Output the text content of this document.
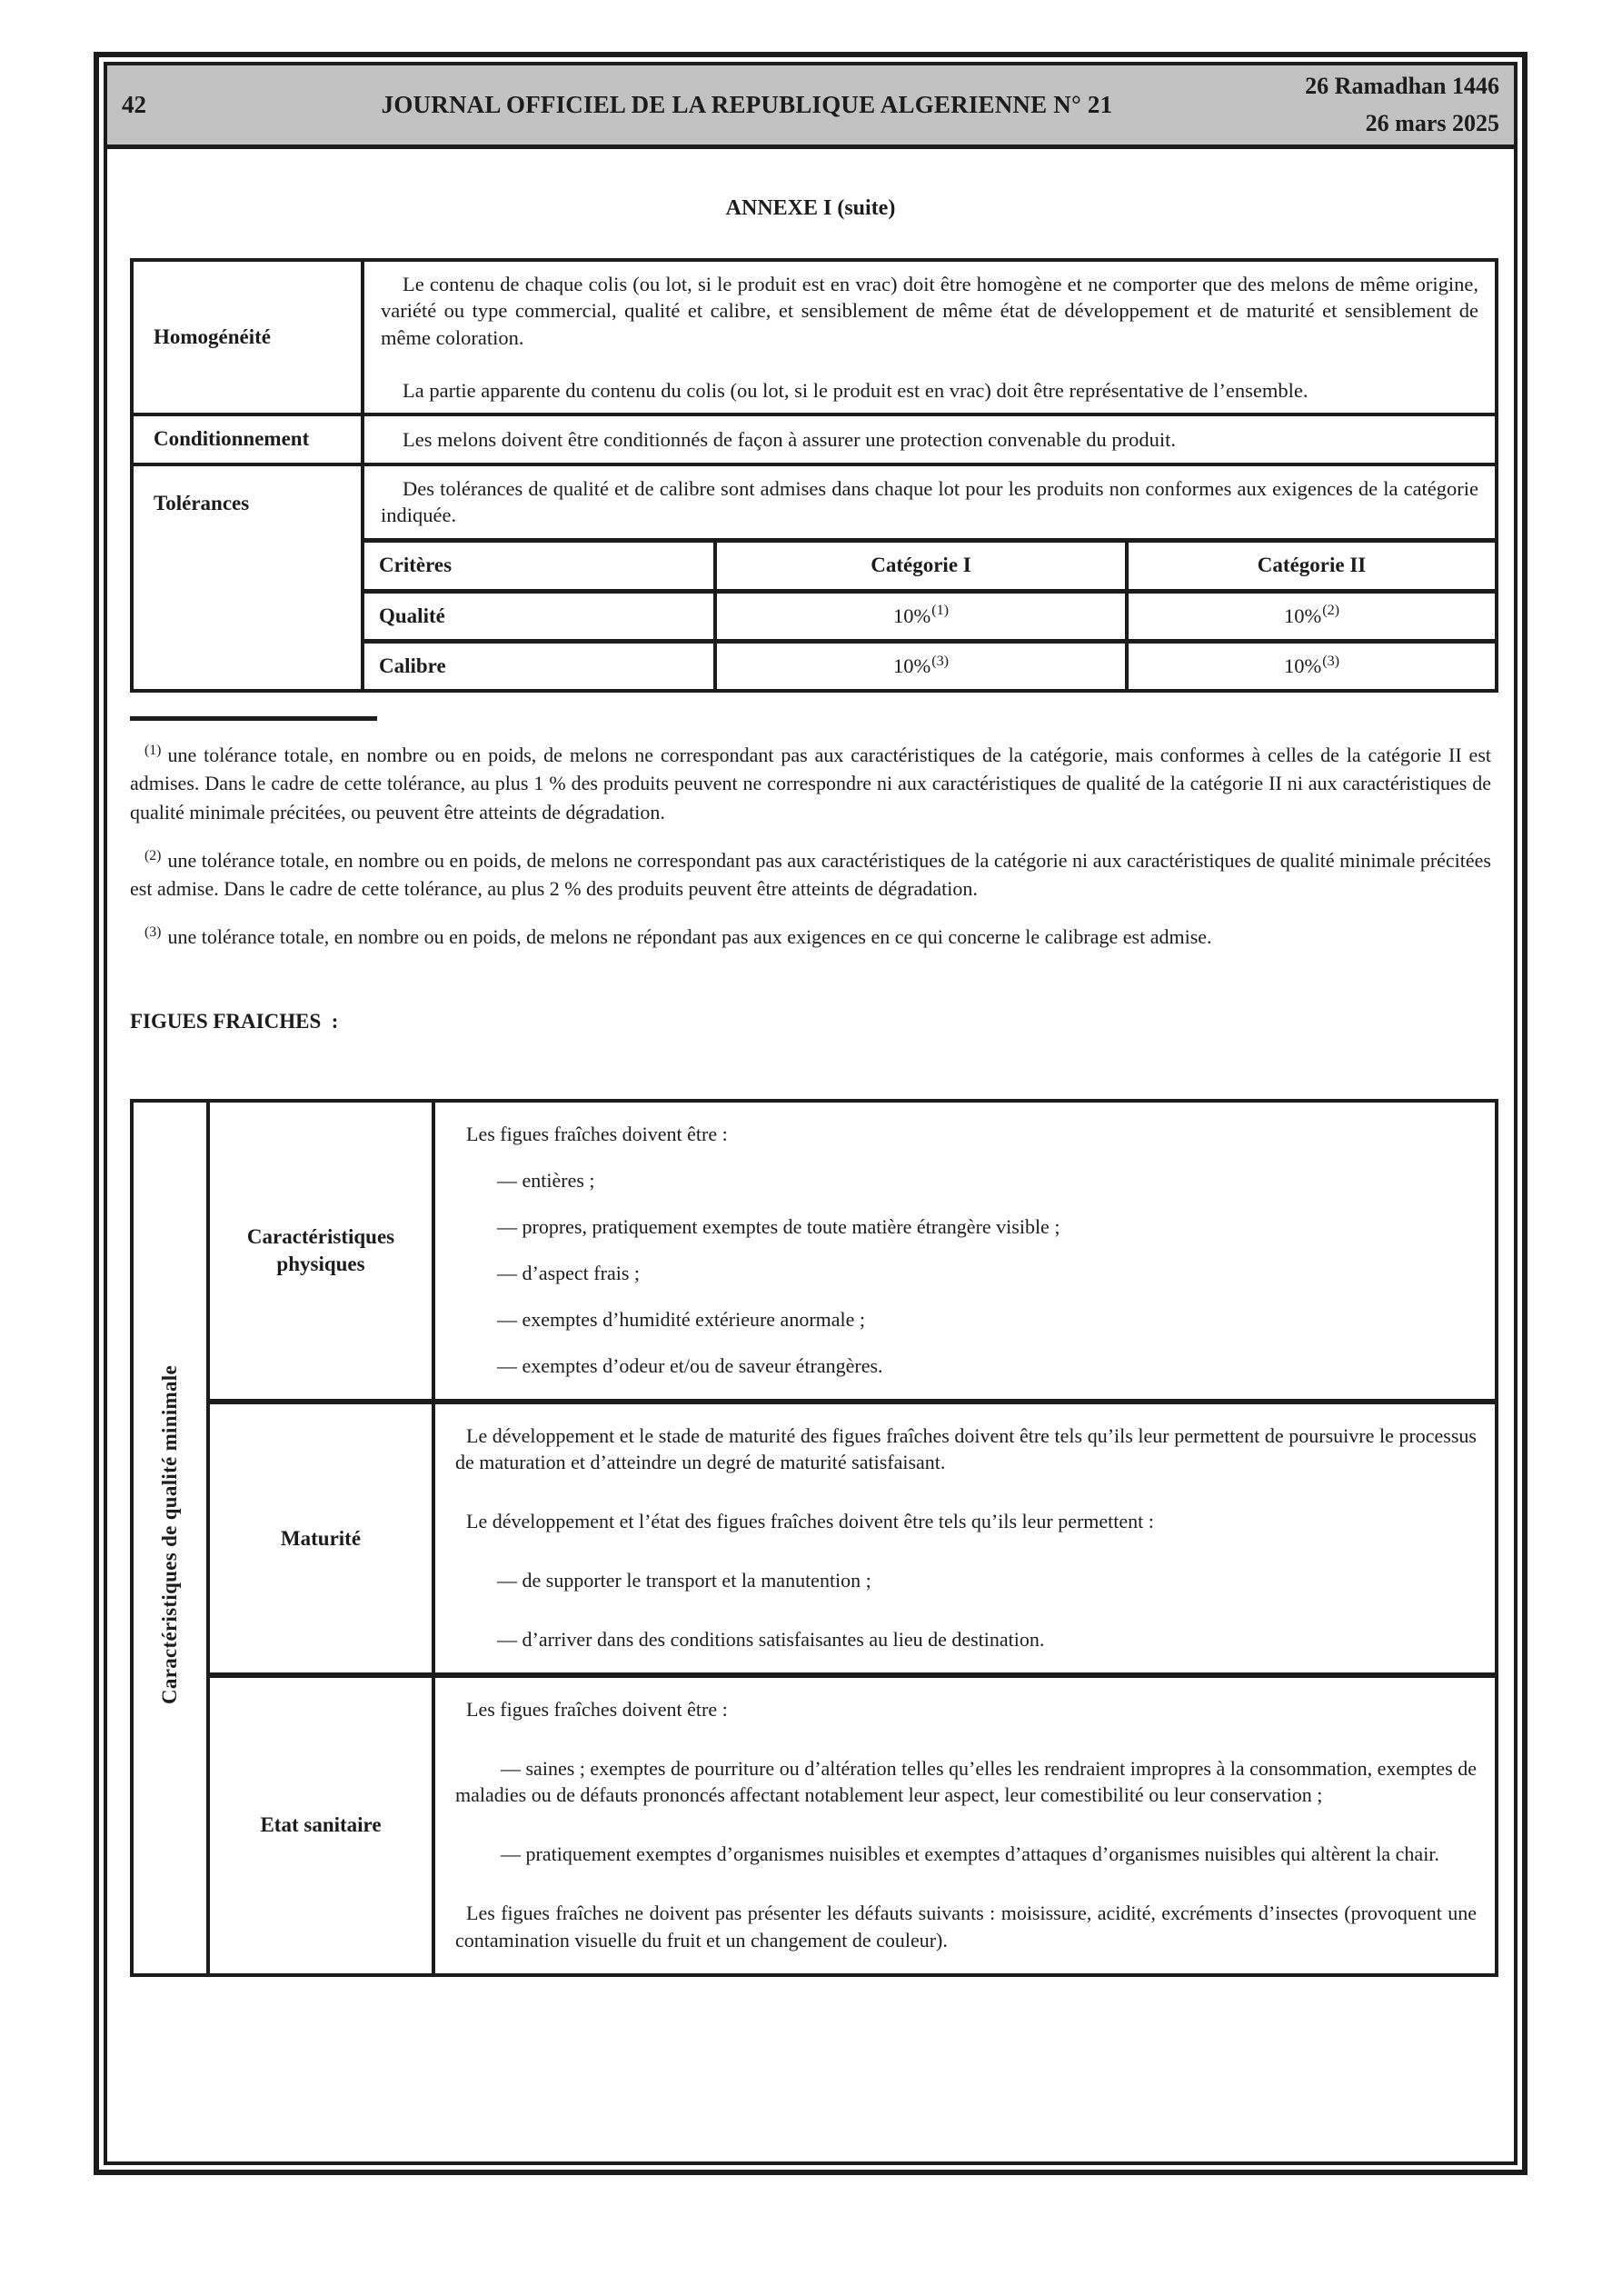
42	JOURNAL OFFICIEL DE LA REPUBLIQUE ALGERIENNE N° 21
26 Ramadhan 1446
26 mars 2025
ANNEXE I (suite)
Homogénéité	Le contenu de chaque colis (ou lot, si le produit est en vrac) doit être homogène et ne comporter que des melons de même origine, variété ou type commercial, qualité et calibre, et sensiblement de même état de développement et de maturité et sensiblement de même coloration.

La partie apparente du contenu du colis (ou lot, si le produit est en vrac) doit être représentative de l’ensemble.		

Conditionnement	Les melons doivent être conditionnés de façon à assurer une protection convenable du produit.		

Tolérances	Des tolérances de qualité et de calibre sont admises dans chaque lot pour les produits non conformes aux exigences de la catégorie indiquée.		

	Critères	Catégorie I	Catégorie II
	Qualité	10%$^{(1)}$	10%$^{(2)}$
	Calibre	10%$^{(3)}$	10%$^{(3)}$

$^{(1)}$ une tolérance totale, en nombre ou en poids, de melons ne correspondant pas aux caractéristiques de la catégorie, mais conformes à celles de la catégorie II est admises. Dans le cadre de cette tolérance, au plus 1 % des produits peuvent ne correspondre ni aux caractéristiques de qualité de la catégorie II ni aux caractéristiques de qualité minimale précitées, ou peuvent être atteints de dégradation.

$^{(2)}$ une tolérance totale, en nombre ou en poids, de melons ne correspondant pas aux caractéristiques de la catégorie ni aux caractéristiques de qualité minimale précitées est admise. Dans le cadre de cette tolérance, au plus 2 % des produits peuvent être atteints de dégradation.

$^{(3)}$ une tolérance totale, en nombre ou en poids, de melons ne répondant pas aux exigences en ce qui concerne le calibrage est admise.

FIGUES FRAICHES  :
Caractéristiques de qualité minimale	Caractéristiques physiques	

Les figues fraîches doivent être :

— entières ;

— propres, pratiquement exemptes de toute matière étrangère visible ;

— d’aspect frais ;

— exemptes d’humidité extérieure anormale ;

— exemptes d’odeur et/ou de saveur étrangères.

	Maturité	Le développement et le stade de maturité des figues fraîches doivent être tels qu’ils leur permettent de poursuivre le processus de maturation et d’atteindre un degré de maturité satisfaisant.

Le développement et l’état des figues fraîches doivent être tels qu’ils leur permettent :

— de supporter le transport et la manutention ;

— d’arriver dans des conditions satisfaisantes au lieu de destination.

	Etat sanitaire	Les figues fraîches doivent être :

— saines ; exemptes de pourriture ou d’altération telles qu’elles les rendraient impropres à la consommation, exemptes de maladies ou de défauts prononcés affectant notablement leur aspect, leur comestibilité ou leur conservation ;

— pratiquement exemptes d’organismes nuisibles et exemptes d’attaques d’organismes nuisibles qui altèrent la chair.

Les figues fraîches ne doivent pas présenter les défauts suivants : moisissure, acidité, excréments d’insectes (provoquent une contamination visuelle du fruit et un changement de couleur).
